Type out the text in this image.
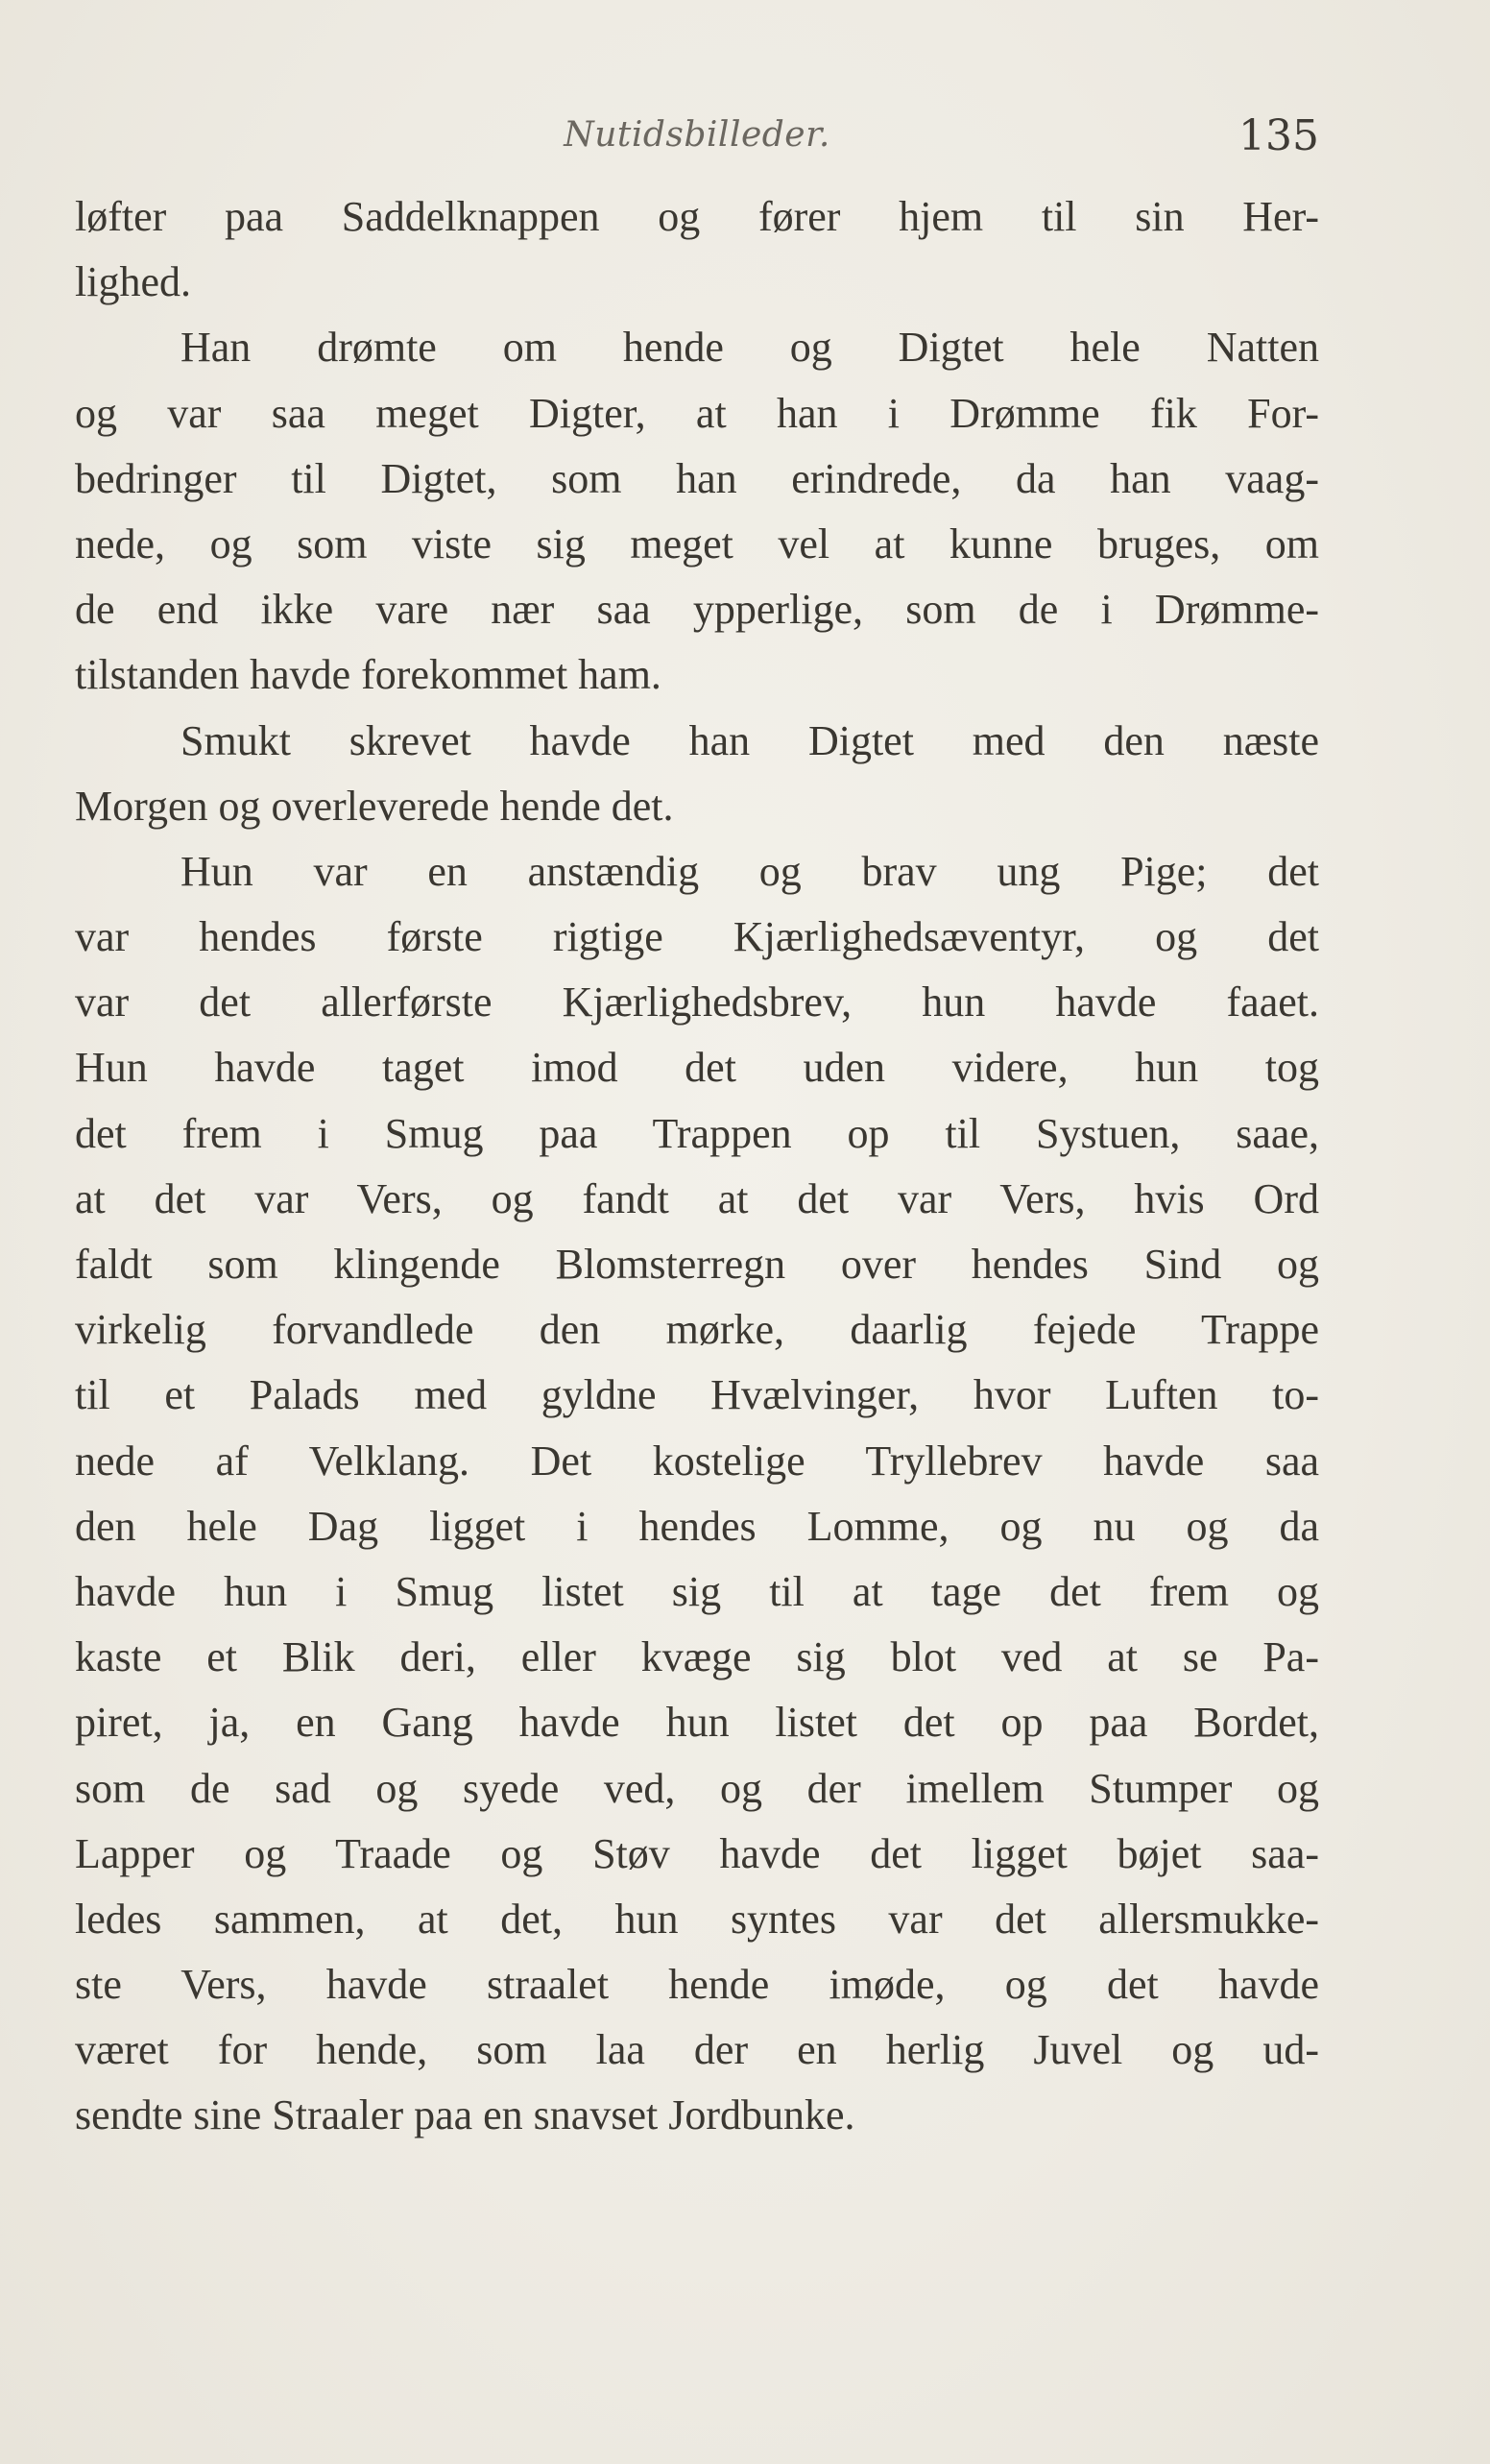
Nutidsbilleder.	135
løfter paa Saddelknappen og fører hjem til sin Her-
lighed.
Han drømte om hende og Digtet hele Natten
og var saa meget Digter, at han i Drømme fik For-
bedringer til Digtet, som han erindrede, da han vaag-
nede, og som viste sig meget vel at kunne bruges, om
de end ikke vare nær saa ypperlige, som de i Drømme-
tilstanden havde forekommet ham.
Smukt skrevet havde han Digtet med den næste
Morgen og overleverede hende det.
Hun var en anstændig og brav ung Pige; det
var hendes første rigtige Kjærlighedsæventyr, og det
var det allerførste Kjærlighedsbrev, hun havde faaet.
Hun havde taget imod det uden videre, hun tog
det frem i Smug paa Trappen op til Systuen, saae,
at det var Vers, og fandt at det var Vers, hvis Ord
faldt som klingende Blomsterregn over hendes Sind og
virkelig forvandlede den mørke, daarlig fejede Trappe
til et Palads med gyldne Hvælvinger, hvor Luften to-
nede af Velklang. Det kostelige Tryllebrev havde saa
den hele Dag ligget i hendes Lomme, og nu og da
havde hun i Smug listet sig til at tage det frem og
kaste et Blik deri, eller kvæge sig blot ved at se Pa-
piret, ja, en Gang havde hun listet det op paa Bordet,
som de sad og syede ved, og der imellem Stumper og
Lapper og Traade og Støv havde det ligget bøjet saa-
ledes sammen, at det, hun syntes var det allersmukke-
ste Vers, havde straalet hende imøde, og det havde
været for hende, som laa der en herlig Juvel og ud-
sendte sine Straaler paa en snavset Jordbunke.
